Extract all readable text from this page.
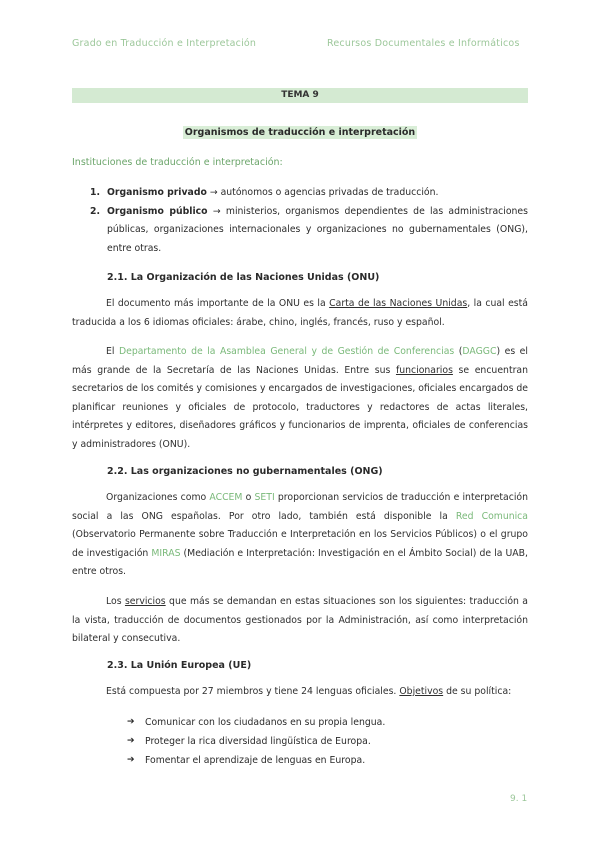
Grado en Traducción e Interpretación	Recursos Documentales e Informáticos
TEMA 9
Organismos de traducción e interpretación
Instituciones de traducción e interpretación:
1. Organismo privado → autónomos o agencias privadas de traducción.
2. Organismo público → ministerios, organismos dependientes de las administraciones públicas, organizaciones internacionales y organizaciones no gubernamentales (ONG), entre otras.
2.1. La Organización de las Naciones Unidas (ONU)
El documento más importante de la ONU es la Carta de las Naciones Unidas, la cual está traducida a los 6 idiomas oficiales: árabe, chino, inglés, francés, ruso y español.
El Departamento de la Asamblea General y de Gestión de Conferencias (DAGGC) es el más grande de la Secretaría de las Naciones Unidas. Entre sus funcionarios se encuentran secretarios de los comités y comisiones y encargados de investigaciones, oficiales encargados de planificar reuniones y oficiales de protocolo, traductores y redactores de actas literales, intérpretes y editores, diseñadores gráficos y funcionarios de imprenta, oficiales de conferencias y administradores (ONU).
2.2. Las organizaciones no gubernamentales (ONG)
Organizaciones como ACCEM o SETI proporcionan servicios de traducción e interpretación social a las ONG españolas. Por otro lado, también está disponible la Red Comunica (Observatorio Permanente sobre Traducción e Interpretación en los Servicios Públicos) o el grupo de investigación MIRAS (Mediación e Interpretación: Investigación en el Ámbito Social) de la UAB, entre otros.
Los servicios que más se demandan en estas situaciones son los siguientes: traducción a la vista, traducción de documentos gestionados por la Administración, así como interpretación bilateral y consecutiva.
2.3. La Unión Europea (UE)
Está compuesta por 27 miembros y tiene 24 lenguas oficiales. Objetivos de su política:
➔ Comunicar con los ciudadanos en su propia lengua.
➔ Proteger la rica diversidad lingüística de Europa.
➔ Fomentar el aprendizaje de lenguas en Europa.
9. 1
